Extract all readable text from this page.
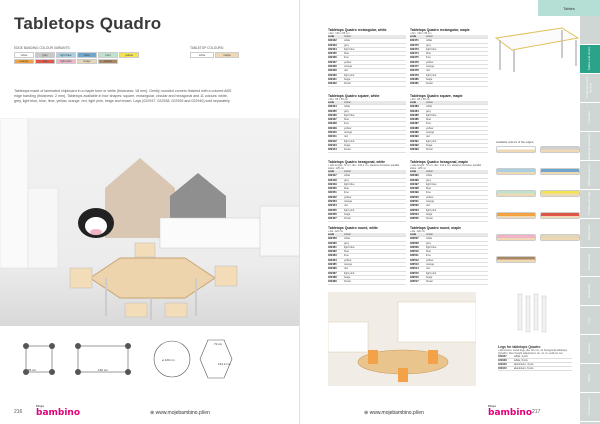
Tabletops Quadro
EDGE BANDING COLOUR VARIANTS:
white	grey	light blue	blue	mint	yellow
orange	red	light pink	beige	brown
TABLETOP COLOURS:
white	maple
Tabletops made of laminated chipboard in a maple tone or white (thickness: 18 mm). Gently rounded corners finished with a colored ABS edge banding (thickness: 2 mm). Tabletops available in four shapes: square, rectangular, circular and hexagonal and 11 colours: white, grey, light blue, blue, lime, yellow, orange, red, light pink, beige and brown. Legs (022937, 022938, 022939 and 022940) sold separately.
65 cm	130 cm
ø 120 cm
72 cm
144,2 cm
216
Moje
bambino	⊕ www.mojebambino.pl/en
Tables and chairs
Cupboards and shelves
Furniture
Sleeping equipment
Wall decorations
Carpets and rugs
Playground
Educational
Gardening
Toys
Sanitary
Office
Accessories
Tables
Tabletops Quadro rectangular, white
• dim. 130 x 65 cm
code	colour
022422	white
022423	grey
022424	light blue
022425	blue
022426	lime
022427	yellow
022428	orange
022429	red
022430	light pink
022431	beige
022432	brown
Tabletops Quadro square, white
• dim. 65 x 65 cm
code	colour
022434	white
022435	grey
022436	light blue
022437	blue
022438	lime
022439	yellow
022440	orange
022441	red
022442	light pink
022443	beige
022444	brown
Tabletops Quadro hexagonal, white
• side length: 72 cm, dia.: 144,2 cm, distance between parallel sides: 125 cm
code	colour
022447	white
022448	grey
022449	light blue
022450	blue
022451	lime
022452	yellow
022453	orange
022454	red
022455	light pink
022456	beige
022457	brown
Tabletops Quadro round, white
• dia. 120 cm
code	colour
022459	white
022460	grey
022461	light blue
022462	blue
022463	lime
022464	yellow
022465	orange
022466	red
022467	light pink
022468	beige
022469	brown
Tabletops Quadro rectangular, maple
• dim. 130 x 65 cm
code	colour
022471	white
022472	grey
022473	light blue
022474	blue
022475	lime
022476	yellow
022477	orange
022478	red
022479	light pink
022480	beige
022481	brown
Tabletops Quadro square, maple
• dim. 65 x 65 cm
code	colour
022483	white
022484	grey
022485	light blue
022486	blue
022487	lime
022488	yellow
022489	orange
022490	red
022491	light pink
022492	beige
022493	brown
Tabletops Quadro hexagonal, maple
• side length: 72 cm, dia.: 144,2 cm, distance between parallel sides: 125 cm
code	colour
022495	white
022496	grey
022497	light blue
022498	blue
022499	lime
022500	yellow
022501	orange
022502	red
022503	light pink
022504	beige
022505	brown
Tabletops Quadro round, maple
• dia. 120 cm
code	colour
022507	white
022508	grey
022509	light blue
022510	blue
022511	lime
022512	yellow
022513	orange
022514	red
022515	light pink
022516	beige
022517	brown
Available colours of the edges:
Legs for tabletops Quadro
• aluminium, metal legs, dia. 40 mm, 4x hexagonal tabletops (Quadro, Flexi height adjustment: ok. no. to, sold per set
022937	white, 4 pcs
022938	white, 6 pcs
022939	aluminium, 4 pcs
022940	aluminium, 6 pcs
⊕ www.mojebambino.pl/en
Moje
bambino 217
